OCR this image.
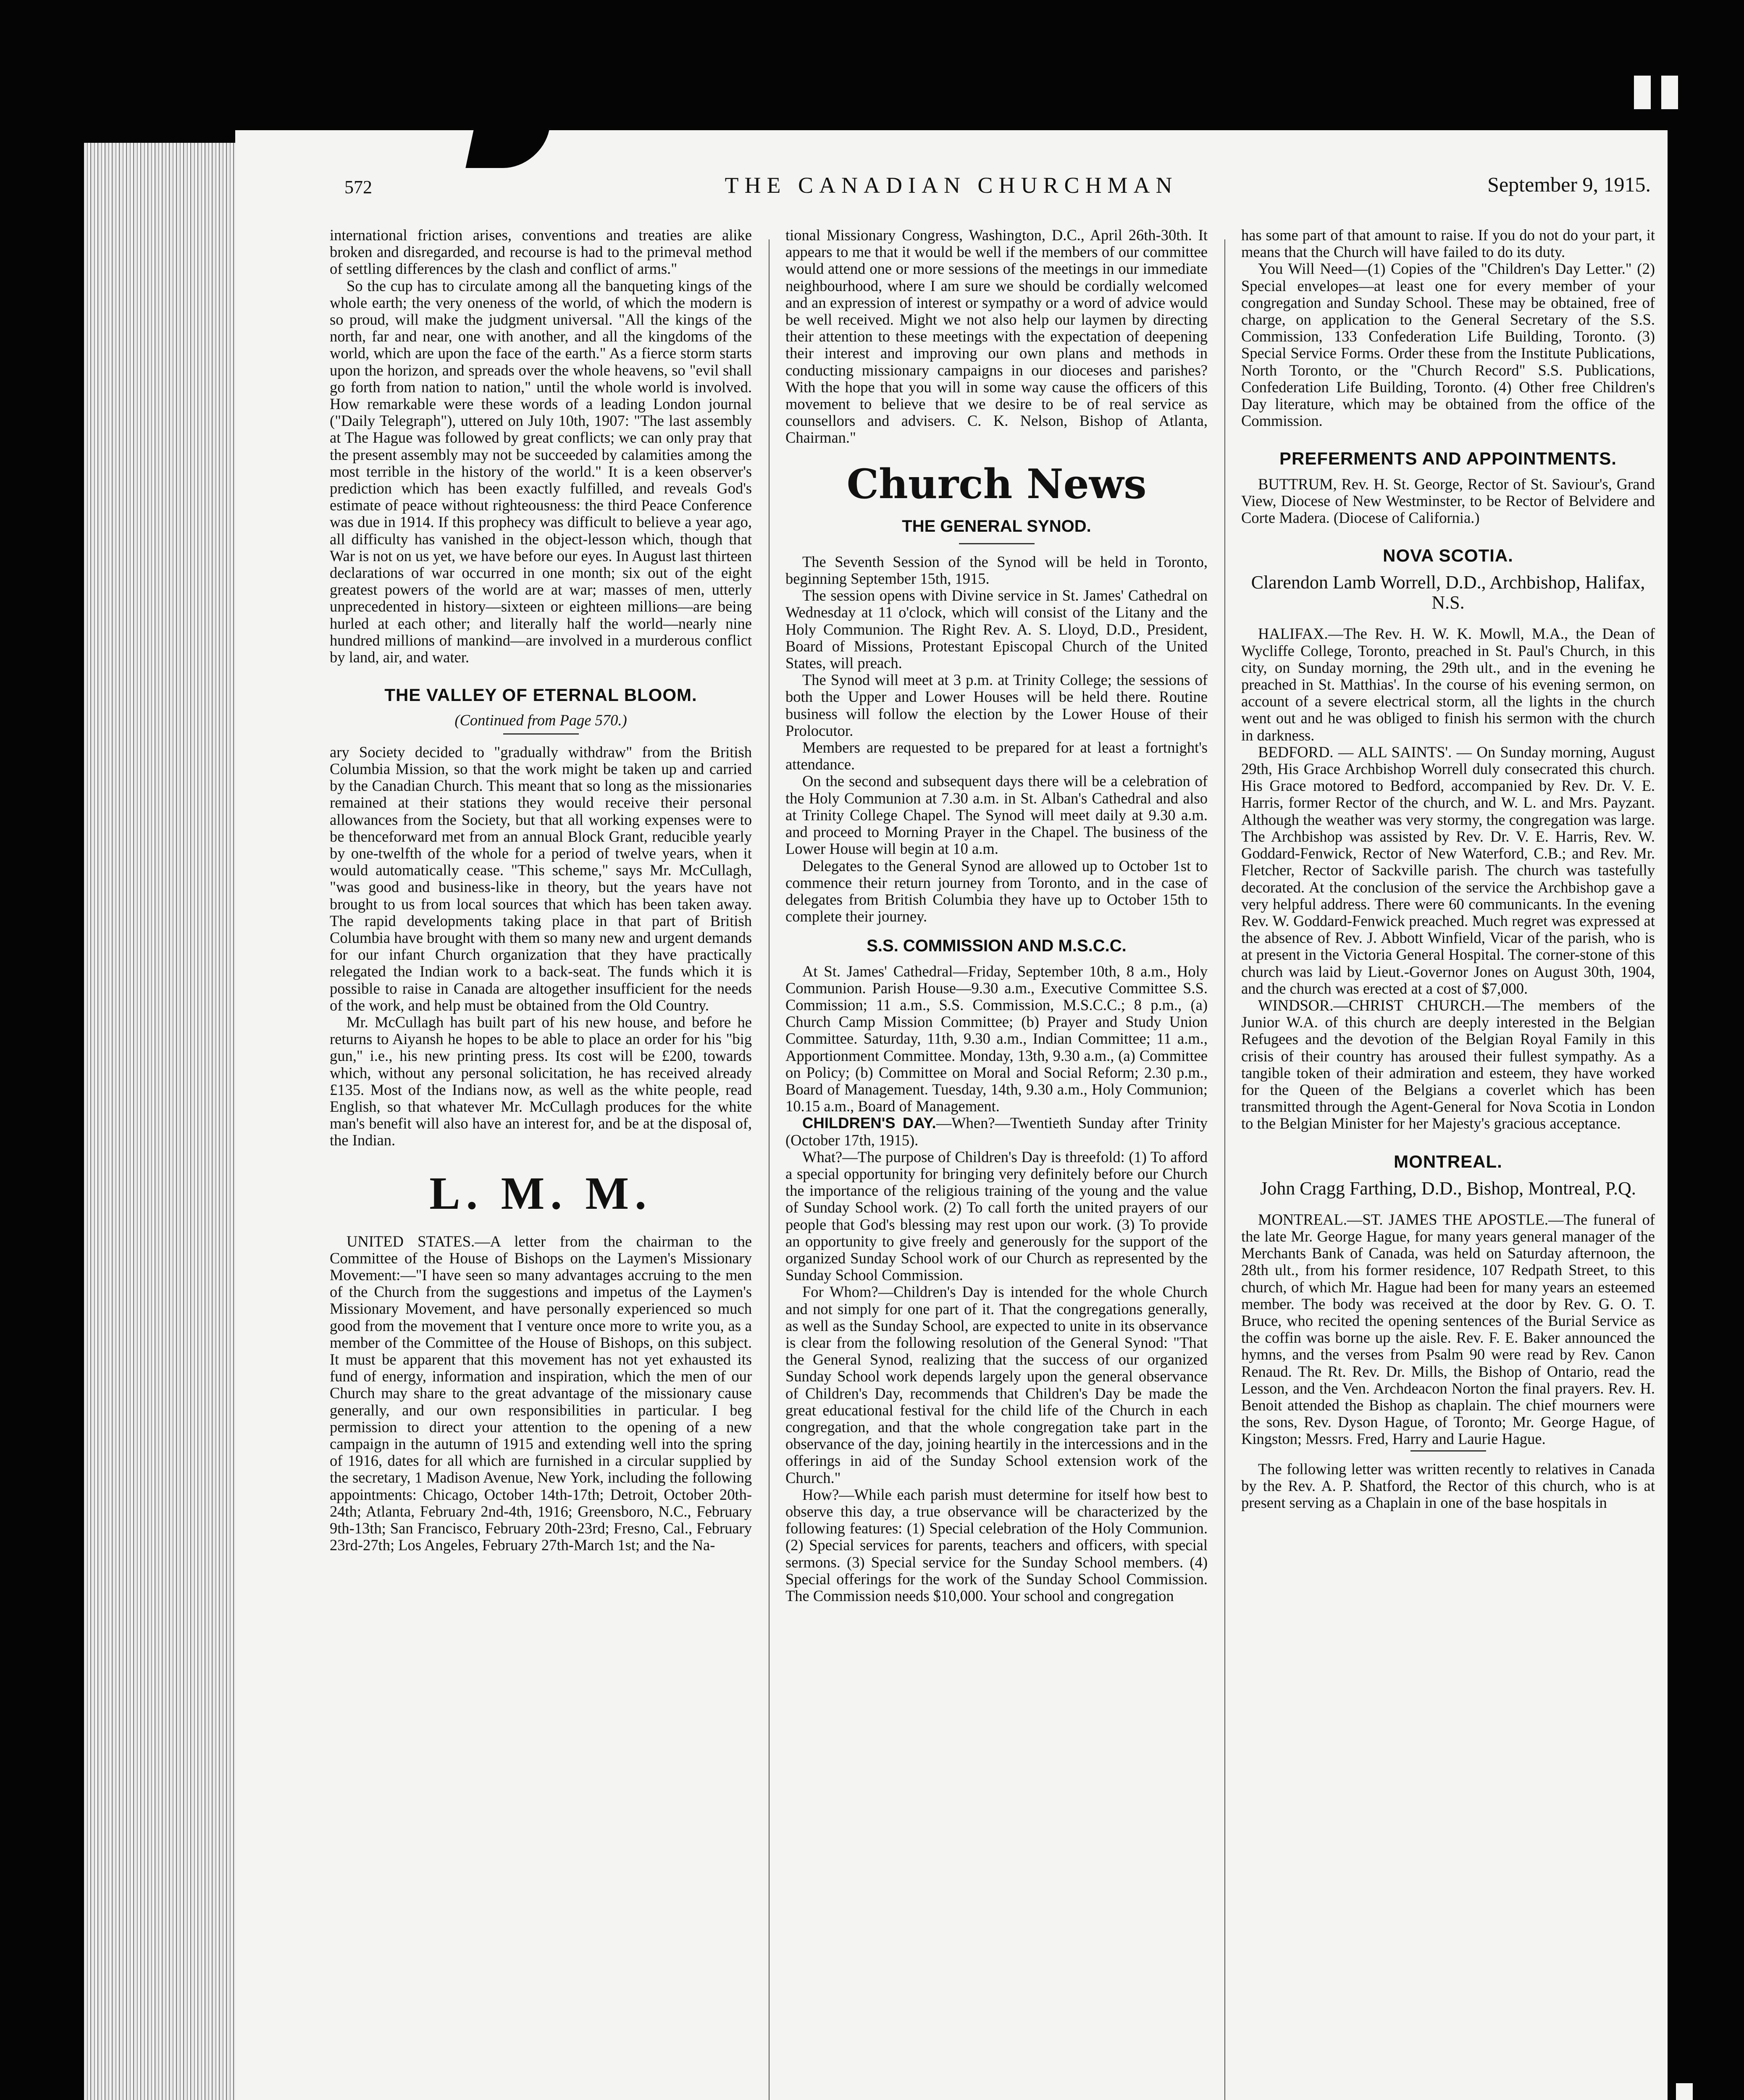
572	THE CANADIAN CHURCHMAN	September 9, 1915.

international friction arises, conventions and treaties are alike broken and disregarded, and recourse is had to the primeval method of settling differences by the clash and conflict of arms."

So the cup has to circulate among all the banqueting kings of the whole earth; the very oneness of the world, of which the modern is so proud, will make the judgment universal. "All the kings of the north, far and near, one with another, and all the kingdoms of the world, which are upon the face of the earth." As a fierce storm starts upon the horizon, and spreads over the whole heavens, so "evil shall go forth from nation to nation," until the whole world is involved. How remarkable were these words of a leading London journal ("Daily Telegraph"), uttered on July 10th, 1907: "The last assembly at The Hague was followed by great conflicts; we can only pray that the present assembly may not be succeeded by calamities among the most terrible in the history of the world." It is a keen observer's prediction which has been exactly fulfilled, and reveals God's estimate of peace without righteousness: the third Peace Conference was due in 1914. If this prophecy was difficult to believe a year ago, all difficulty has vanished in the object-lesson which, though that War is not on us yet, we have before our eyes. In August last thirteen declarations of war occurred in one month; six out of the eight greatest powers of the world are at war; masses of men, utterly unprecedented in history—sixteen or eighteen millions—are being hurled at each other; and literally half the world—nearly nine hundred millions of mankind—are involved in a murderous conflict by land, air, and water.

THE VALLEY OF ETERNAL BLOOM.
(Continued from Page 570.)

ary Society decided to "gradually withdraw" from the British Columbia Mission, so that the work might be taken up and carried by the Canadian Church. This meant that so long as the missionaries remained at their stations they would receive their personal allowances from the Society, but that all working expenses were to be thenceforward met from an annual Block Grant, reducible yearly by one-twelfth of the whole for a period of twelve years, when it would automatically cease. "This scheme," says Mr. McCullagh, "was good and business-like in theory, but the years have not brought to us from local sources that which has been taken away. The rapid developments taking place in that part of British Columbia have brought with them so many new and urgent demands for our infant Church organization that they have practically relegated the Indian work to a back-seat. The funds which it is possible to raise in Canada are altogether insufficient for the needs of the work, and help must be obtained from the Old Country.

Mr. McCullagh has built part of his new house, and before he returns to Aiyansh he hopes to be able to place an order for his "big gun," i.e., his new printing press. Its cost will be £200, towards which, without any personal solicitation, he has received already £135. Most of the Indians now, as well as the white people, read English, so that whatever Mr. McCullagh produces for the white man's benefit will also have an interest for, and be at the disposal of, the Indian.

L. M. M.

UNITED STATES.—A letter from the chairman to the Committee of the House of Bishops on the Laymen's Missionary Movement:—"I have seen so many advantages accruing to the men of the Church from the suggestions and impetus of the Laymen's Missionary Movement, and have personally experienced so much good from the movement that I venture once more to write you, as a member of the Committee of the House of Bishops, on this subject. It must be apparent that this movement has not yet exhausted its fund of energy, information and inspiration, which the men of our Church may share to the great advantage of the missionary cause generally, and our own responsibilities in particular. I beg permission to direct your attention to the opening of a new campaign in the autumn of 1915 and extending well into the spring of 1916, dates for all which are furnished in a circular supplied by the secretary, 1 Madison Avenue, New York, including the following appointments: Chicago, October 14th-17th; Detroit, October 20th-24th; Atlanta, February 2nd-4th, 1916; Greensboro, N.C., February 9th-13th; San Francisco, February 20th-23rd; Fresno, Cal., February 23rd-27th; Los Angeles, February 27th-March 1st; and the Na-

tional Missionary Congress, Washington, D.C., April 26th-30th. It appears to me that it would be well if the members of our committee would attend one or more sessions of the meetings in our immediate neighbourhood, where I am sure we should be cordially welcomed and an expression of interest or sympathy or a word of advice would be well received. Might we not also help our laymen by directing their attention to these meetings with the expectation of deepening their interest and improving our own plans and methods in conducting missionary campaigns in our dioceses and parishes? With the hope that you will in some way cause the officers of this movement to believe that we desire to be of real service as counsellors and advisers. C. K. Nelson, Bishop of Atlanta, Chairman."

Church News
THE GENERAL SYNOD.

The Seventh Session of the Synod will be held in Toronto, beginning September 15th, 1915.

The session opens with Divine service in St. James' Cathedral on Wednesday at 11 o'clock, which will consist of the Litany and the Holy Communion. The Right Rev. A. S. Lloyd, D.D., President, Board of Missions, Protestant Episcopal Church of the United States, will preach.

The Synod will meet at 3 p.m. at Trinity College; the sessions of both the Upper and Lower Houses will be held there. Routine business will follow the election by the Lower House of their Prolocutor.

Members are requested to be prepared for at least a fortnight's attendance.

On the second and subsequent days there will be a celebration of the Holy Communion at 7.30 a.m. in St. Alban's Cathedral and also at Trinity College Chapel. The Synod will meet daily at 9.30 a.m. and proceed to Morning Prayer in the Chapel. The business of the Lower House will begin at 10 a.m.

Delegates to the General Synod are allowed up to October 1st to commence their return journey from Toronto, and in the case of delegates from British Columbia they have up to October 15th to complete their journey.

S.S. COMMISSION AND M.S.C.C.

At St. James' Cathedral—Friday, September 10th, 8 a.m., Holy Communion. Parish House—9.30 a.m., Executive Committee S.S. Commission; 11 a.m., S.S. Commission, M.S.C.C.; 8 p.m., (a) Church Camp Mission Committee; (b) Prayer and Study Union Committee. Saturday, 11th, 9.30 a.m., Indian Committee; 11 a.m., Apportionment Committee. Monday, 13th, 9.30 a.m., (a) Committee on Policy; (b) Committee on Moral and Social Reform; 2.30 p.m., Board of Management. Tuesday, 14th, 9.30 a.m., Holy Communion; 10.15 a.m., Board of Management.

CHILDREN'S DAY.—When?—Twentieth Sunday after Trinity (October 17th, 1915).

What?—The purpose of Children's Day is threefold: (1) To afford a special opportunity for bringing very definitely before our Church the importance of the religious training of the young and the value of Sunday School work. (2) To call forth the united prayers of our people that God's blessing may rest upon our work. (3) To provide an opportunity to give freely and generously for the support of the organized Sunday School work of our Church as represented by the Sunday School Commission.

For Whom?—Children's Day is intended for the whole Church and not simply for one part of it. That the congregations generally, as well as the Sunday School, are expected to unite in its observance is clear from the following resolution of the General Synod: "That the General Synod, realizing that the success of our organized Sunday School work depends largely upon the general observance of Children's Day, recommends that Children's Day be made the great educational festival for the child life of the Church in each congregation, and that the whole congregation take part in the observance of the day, joining heartily in the intercessions and in the offerings in aid of the Sunday School extension work of the Church."

How?—While each parish must determine for itself how best to observe this day, a true observance will be characterized by the following features: (1) Special celebration of the Holy Communion. (2) Special services for parents, teachers and officers, with special sermons. (3) Special service for the Sunday School members. (4) Special offerings for the work of the Sunday School Commission. The Commission needs $10,000. Your school and congregation

has some part of that amount to raise. If you do not do your part, it means that the Church will have failed to do its duty.

You Will Need—(1) Copies of the "Children's Day Letter." (2) Special envelopes—at least one for every member of your congregation and Sunday School. These may be obtained, free of charge, on application to the General Secretary of the S.S. Commission, 133 Confederation Life Building, Toronto. (3) Special Service Forms. Order these from the Institute Publications, North Toronto, or the "Church Record" S.S. Publications, Confederation Life Building, Toronto. (4) Other free Children's Day literature, which may be obtained from the office of the Commission.

PREFERMENTS AND APPOINTMENTS.

BUTTRUM, Rev. H. St. George, Rector of St. Saviour's, Grand View, Diocese of New Westminster, to be Rector of Belvidere and Corte Madera. (Diocese of California.)

NOVA SCOTIA.
Clarendon Lamb Worrell, D.D., Archbishop, Halifax, N.S.

HALIFAX.—The Rev. H. W. K. Mowll, M.A., the Dean of Wycliffe College, Toronto, preached in St. Paul's Church, in this city, on Sunday morning, the 29th ult., and in the evening he preached in St. Matthias'. In the course of his evening sermon, on account of a severe electrical storm, all the lights in the church went out and he was obliged to finish his sermon with the church in darkness.

BEDFORD. — ALL SAINTS'. — On Sunday morning, August 29th, His Grace Archbishop Worrell duly consecrated this church. His Grace motored to Bedford, accompanied by Rev. Dr. V. E. Harris, former Rector of the church, and W. L. and Mrs. Payzant. Although the weather was very stormy, the congregation was large. The Archbishop was assisted by Rev. Dr. V. E. Harris, Rev. W. Goddard-Fenwick, Rector of New Waterford, C.B.; and Rev. Mr. Fletcher, Rector of Sackville parish. The church was tastefully decorated. At the conclusion of the service the Archbishop gave a very helpful address. There were 60 communicants. In the evening Rev. W. Goddard-Fenwick preached. Much regret was expressed at the absence of Rev. J. Abbott Winfield, Vicar of the parish, who is at present in the Victoria General Hospital. The corner-stone of this church was laid by Lieut.-Governor Jones on August 30th, 1904, and the church was erected at a cost of $7,000.

WINDSOR.—CHRIST CHURCH.—The members of the Junior W.A. of this church are deeply interested in the Belgian Refugees and the devotion of the Belgian Royal Family in this crisis of their country has aroused their fullest sympathy. As a tangible token of their admiration and esteem, they have worked for the Queen of the Belgians a coverlet which has been transmitted through the Agent-General for Nova Scotia in London to the Belgian Minister for her Majesty's gracious acceptance.

MONTREAL.
John Cragg Farthing, D.D., Bishop, Montreal, P.Q.

MONTREAL.—ST. JAMES THE APOSTLE.—The funeral of the late Mr. George Hague, for many years general manager of the Merchants Bank of Canada, was held on Saturday afternoon, the 28th ult., from his former residence, 107 Redpath Street, to this church, of which Mr. Hague had been for many years an esteemed member. The body was received at the door by Rev. G. O. T. Bruce, who recited the opening sentences of the Burial Service as the coffin was borne up the aisle. Rev. F. E. Baker announced the hymns, and the verses from Psalm 90 were read by Rev. Canon Renaud. The Rt. Rev. Dr. Mills, the Bishop of Ontario, read the Lesson, and the Ven. Archdeacon Norton the final prayers. Rev. H. Benoit attended the Bishop as chaplain. The chief mourners were the sons, Rev. Dyson Hague, of Toronto; Mr. George Hague, of Kingston; Messrs. Fred, Harry and Laurie Hague.

The following letter was written recently to relatives in Canada by the Rev. A. P. Shatford, the Rector of this church, who is at present serving as a Chaplain in one of the base hospitals in
